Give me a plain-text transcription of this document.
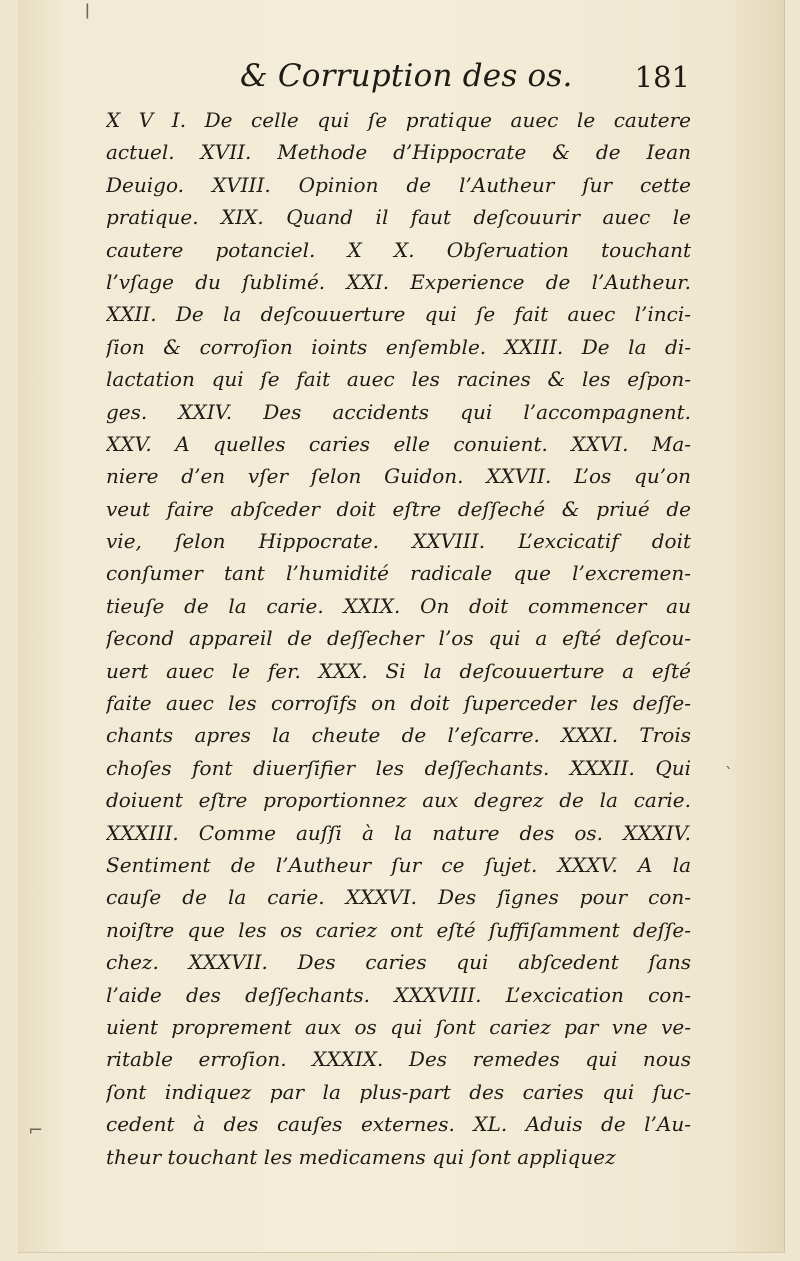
ǀ
⌐
ˎ
& Corruption des os. 181
X V I. De celle qui ſe pratique auec le cautere
actuel. XVII. Methode d’Hippocrate & de Iean
Deuigo. XVIII. Opinion de l’Autheur ſur cette
pratique. XIX. Quand il faut deſcouurir auec le
cautere potanciel. X X. Obſeruation touchant
l’vſage du ſublimé. XXI. Experience de l’Autheur.
XXII. De la deſcouuerture qui ſe fait auec l’inci-
ſion & corroſion ioints enſemble. XXIII. De la di-
lactation qui ſe fait auec les racines & les eſpon-
ges. XXIV. Des accidents qui l’accompagnent.
XXV. A quelles caries elle conuient. XXVI. Ma-
niere d’en vſer ſelon Guidon. XXVII. L’os qu’on
veut faire abſceder doit eſtre deſſeché & priué de
vie, ſelon Hippocrate. XXVIII. L’excicatif doit
conſumer tant l’humidité radicale que l’excremen-
tieuſe de la carie. XXIX. On doit commencer au
ſecond appareil de deſſecher l’os qui a eſté deſcou-
uert auec le fer. XXX. Si la deſcouuerture a eſté
faite auec les corroſifs on doit ſuperceder les deſſe-
chants apres la cheute de l’eſcarre. XXXI. Trois
choſes font diuerſifier les deſſechants. XXXII. Qui
doiuent eſtre proportionnez aux degrez de la carie.
XXXIII. Comme auſſi à la nature des os. XXXIV.
Sentiment de l’Autheur ſur ce ſujet. XXXV. A la
cauſe de la carie. XXXVI. Des ſignes pour con-
noiſtre que les os cariez ont eſté ſuffiſamment deſſe-
chez. XXXVII. Des caries qui abſcedent ſans
l’aide des deſſechants. XXXVIII. L’excication con-
uient proprement aux os qui ſont cariez par vne ve-
ritable erroſion. XXXIX. Des remedes qui nous
ſont indiquez par la plus-part des caries qui ſuc-
cedent à des cauſes externes. XL. Aduis de l’Au-
theur touchant les medicamens qui ſont appliquez
